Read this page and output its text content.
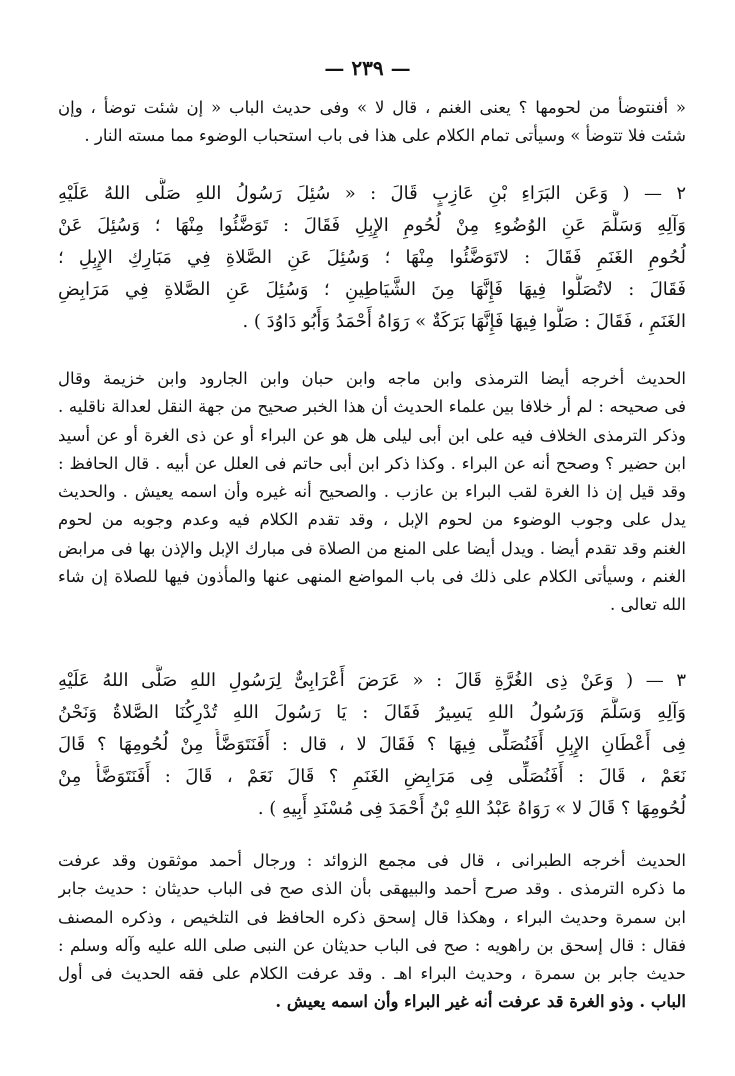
— ٢٣٩ —
« أفنتوضأ من لحومها ؟ يعنى الغنم ، قال لا » وفى حديث الباب « إن شئت توضأ ، وإن
شئت فلا تتوضأ » وسيأتى تمام الكلام على هذا فى باب استحباب الوضوء مما مسته النار .
٢ — ( وَعَن البَرَاءِ بْنِ عَازِبٍ قَالَ : « سُئِلَ رَسُولُ اللهِ صَلَّى اللهُ عَلَيْهِ
وَآلِهِ وَسَلَّمَ عَنِ الوُضُوءِ مِنْ لُحُومِ الإِبِلِ فَقَالَ : تَوَضَّئُوا مِنْهَا ؛ وَسُئِلَ عَنْ
لُحُومِ الغَنَمِ فَقَالَ : لاتَوَضَّئُوا مِنْهَا ؛ وَسُئِلَ عَنِ الصَّلاةِ فِي مَبَارِكِ الإِبِلِ ؛
فَقَالَ : لاتُصَلُّوا فِيهَا فَإِنَّهَا مِنَ الشَّيَاطِينِ ؛ وَسُئِلَ عَنِ الصَّلاةِ فِي مَرَابِضِ
الغَنَمِ ، فَقَالَ : صَلُّوا فِيهَا فَإِنَّهَا بَرَكَةٌ » رَوَاهُ أَحْمَدُ وَأَبُو دَاوُدَ ) .
الحديث أخرجه أيضا الترمذى وابن ماجه وابن حبان وابن الجارود وابن خزيمة وقال
فى صحيحه : لم أر خلافا بين علماء الحديث أن هذا الخبر صحيح من جهة النقل لعدالة ناقليه .
وذكر الترمذى الخلاف فيه على ابن أبى ليلى هل هو عن البراء أو عن ذى الغرة أو عن أسيد
ابن حضير ؟ وصحح أنه عن البراء . وكذا ذكر ابن أبى حاتم فى العلل عن أبيه . قال الحافظ :
وقد قيل إن ذا الغرة لقب البراء بن عازب . والصحيح أنه غيره وأن اسمه يعيش . والحديث
يدل على وجوب الوضوء من لحوم الإبل ، وقد تقدم الكلام فيه وعدم وجوبه من لحوم
الغنم وقد تقدم أيضا . ويدل أيضا على المنع من الصلاة فى مبارك الإبل والإذن بها فى مرابض
الغنم ، وسيأتى الكلام على ذلك فى باب المواضع المنهى عنها والمأذون فيها للصلاة إن شاء
الله تعالى .
٣ — ( وَعَنْ ذِى الغُرَّةِ قَالَ : « عَرَضَ أَعْرَابِىٌّ لِرَسُولِ اللهِ صَلَّى اللهُ عَلَيْهِ
وَآلِهِ وَسَلَّمَ وَرَسُولُ اللهِ يَسِيرُ فَقَالَ : يَا رَسُولَ اللهِ تُدْرِكُنَا الصَّلاةُ وَنَحْنُ
فِى أَعْطَانِ الإِبِلِ أَفَنُصَلِّى فِيهَا ؟ فَقَالَ لا ، قال : أَفَنَتَوَضَّأُ مِنْ لُحُومِهَا ؟ قَالَ
نَعَمْ ، قَالَ : أَفَنُصَلِّى فِى مَرَابِضِ الغَنَمِ ؟ قَالَ نَعَمْ ، قَالَ : أَفَنَتَوَضَّأُ مِنْ
لُحُومِهَا ؟ قَالَ لا » رَوَاهُ عَبْدُ اللهِ بْنُ أَحْمَدَ فِى مُسْنَدِ أَبِيهِ ) .
الحديث أخرجه الطبرانى ، قال فى مجمع الزوائد : ورجال أحمد موثقون وقد عرفت
ما ذكره الترمذى . وقد صرح أحمد والبيهقى بأن الذى صح فى الباب حديثان : حديث جابر
ابن سمرة وحديث البراء ، وهكذا قال إسحق ذكره الحافظ فى التلخيص ، وذكره المصنف
فقال : قال إسحق بن راهويه : صح فى الباب حديثان عن النبى صلى الله عليه وآله وسلم :
حديث جابر بن سمرة ، وحديث البراء اهـ . وقد عرفت الكلام على فقه الحديث فى أول
الباب . وذو الغرة قد عرفت أنه غير البراء وأن اسمه يعيش .
